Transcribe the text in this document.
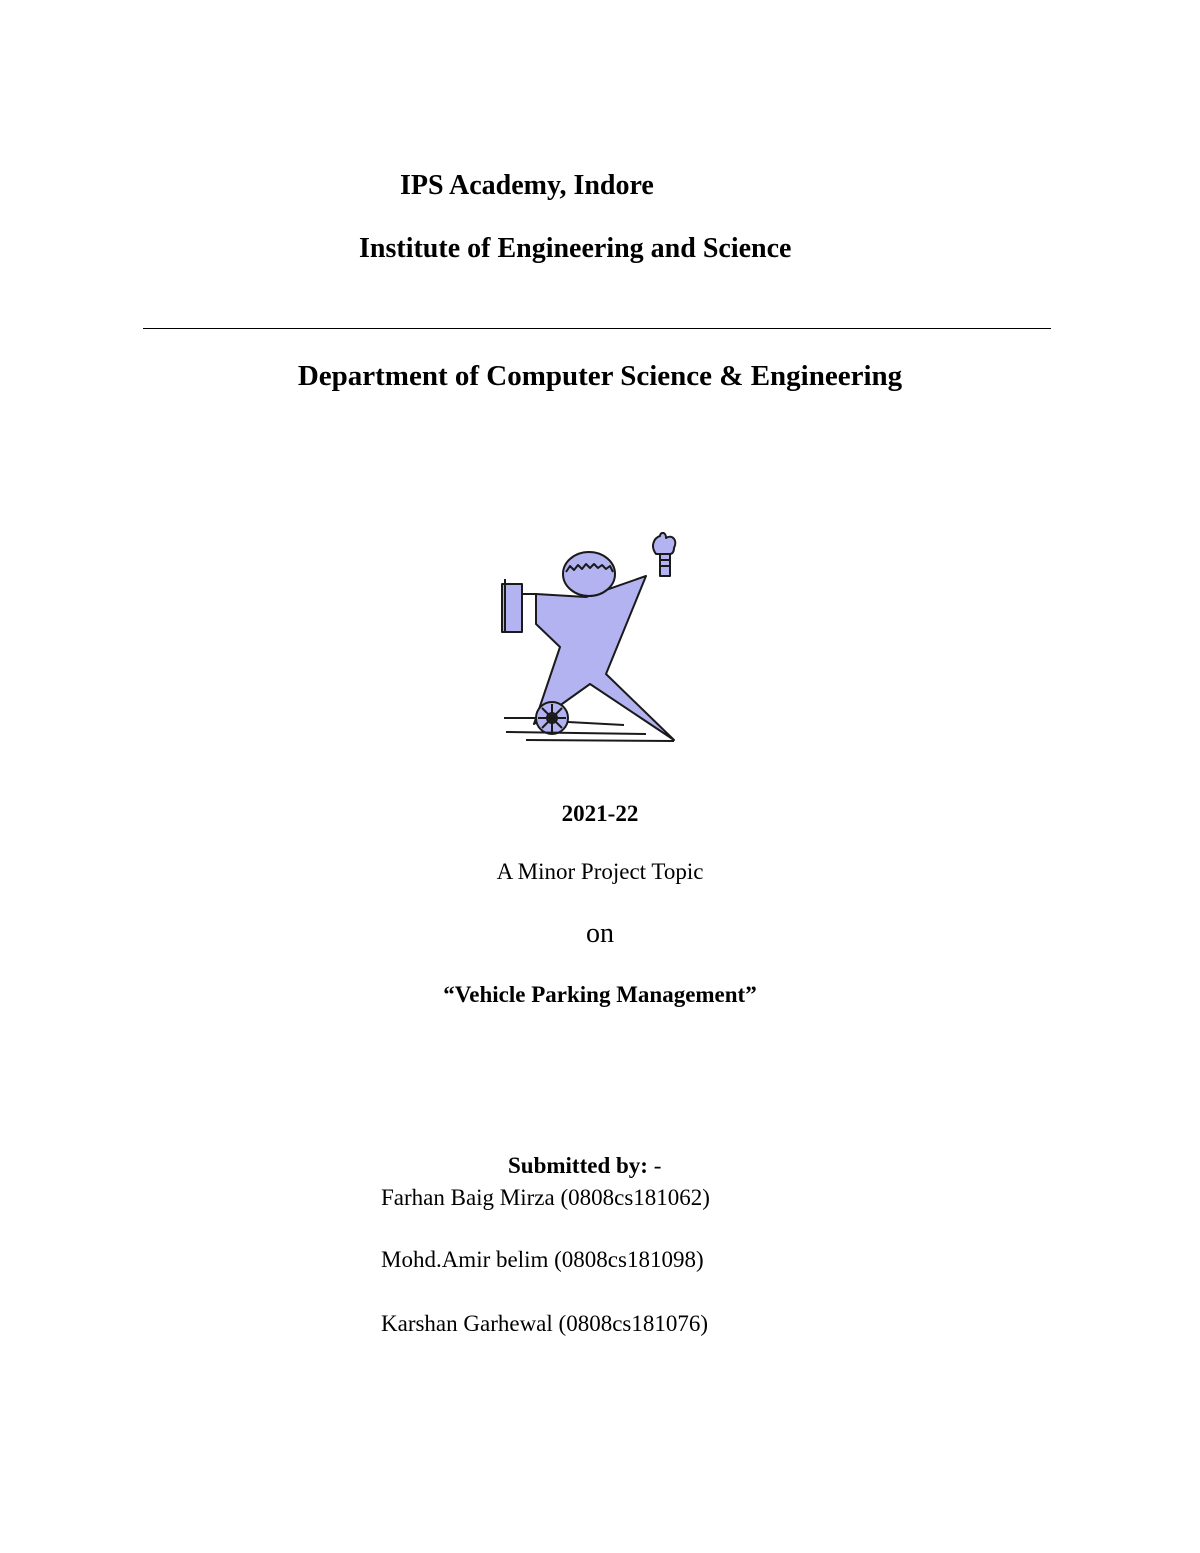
IPS Academy, Indore
Institute of Engineering and Science
Department of Computer Science & Engineering
2021-22
A Minor Project Topic
on
“Vehicle Parking Management”
Submitted by: -
Farhan Baig Mirza (0808cs181062)
Mohd.Amir belim (0808cs181098)
Karshan Garhewal (0808cs181076)
